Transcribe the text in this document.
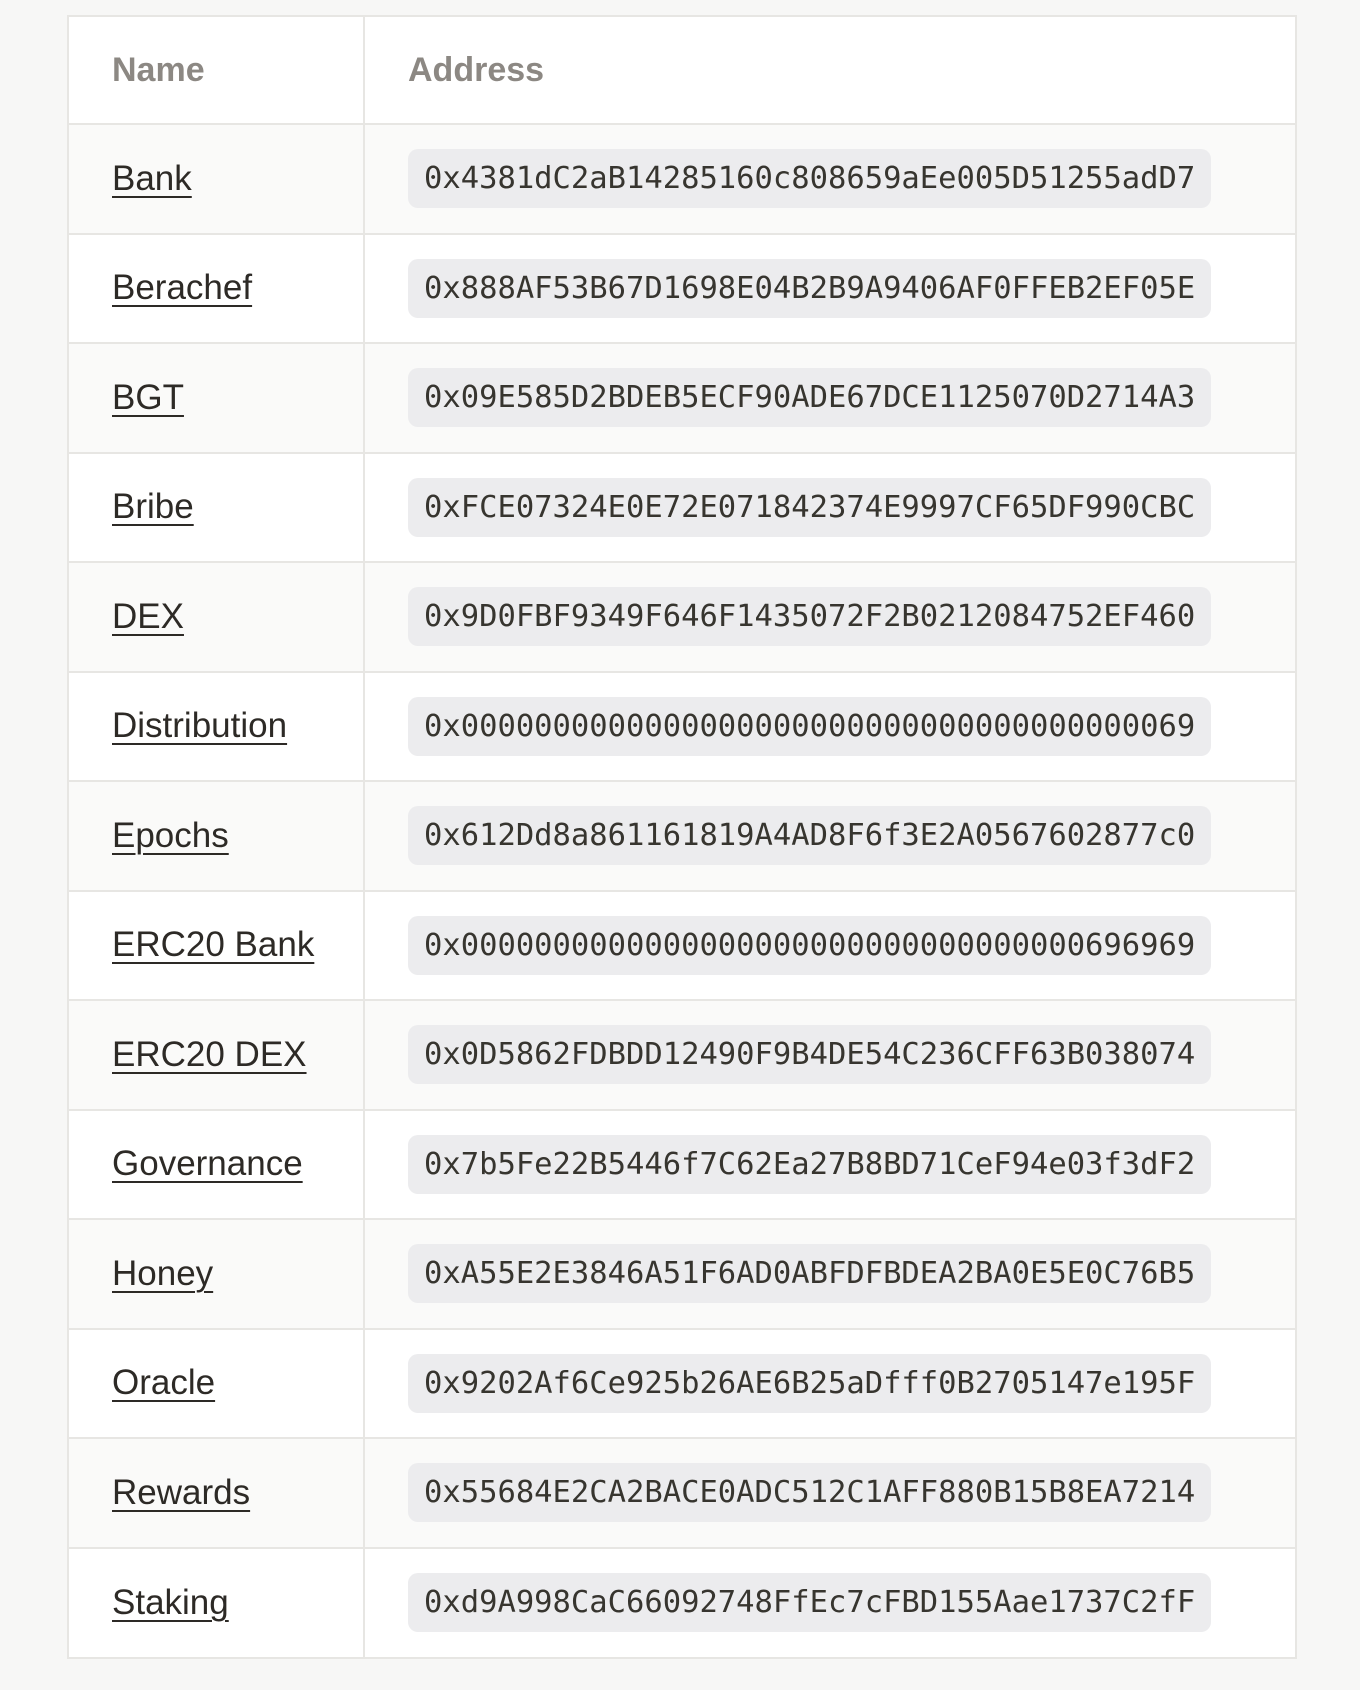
Name	Address
Bank	0x4381dC2aB14285160c808659aEe005D51255adD7
Berachef	0x888AF53B67D1698E04B2B9A9406AF0FFEB2EF05E
BGT	0x09E585D2BDEB5ECF90ADE67DCE1125070D2714A3
Bribe	0xFCE07324E0E72E071842374E9997CF65DF990CBC
DEX	0x9D0FBF9349F646F1435072F2B0212084752EF460
Distribution	0x0000000000000000000000000000000000000069
Epochs	0x612Dd8a861161819A4AD8F6f3E2A0567602877c0
ERC20 Bank	0x0000000000000000000000000000000000696969
ERC20 DEX	0x0D5862FDBDD12490F9B4DE54C236CFF63B038074
Governance	0x7b5Fe22B5446f7C62Ea27B8BD71CeF94e03f3dF2
Honey	0xA55E2E3846A51F6AD0ABFDFBDEA2BA0E5E0C76B5
Oracle	0x9202Af6Ce925b26AE6B25aDfff0B2705147e195F
Rewards	0x55684E2CA2BACE0ADC512C1AFF880B15B8EA7214
Staking	0xd9A998CaC66092748FfEc7cFBD155Aae1737C2fF
